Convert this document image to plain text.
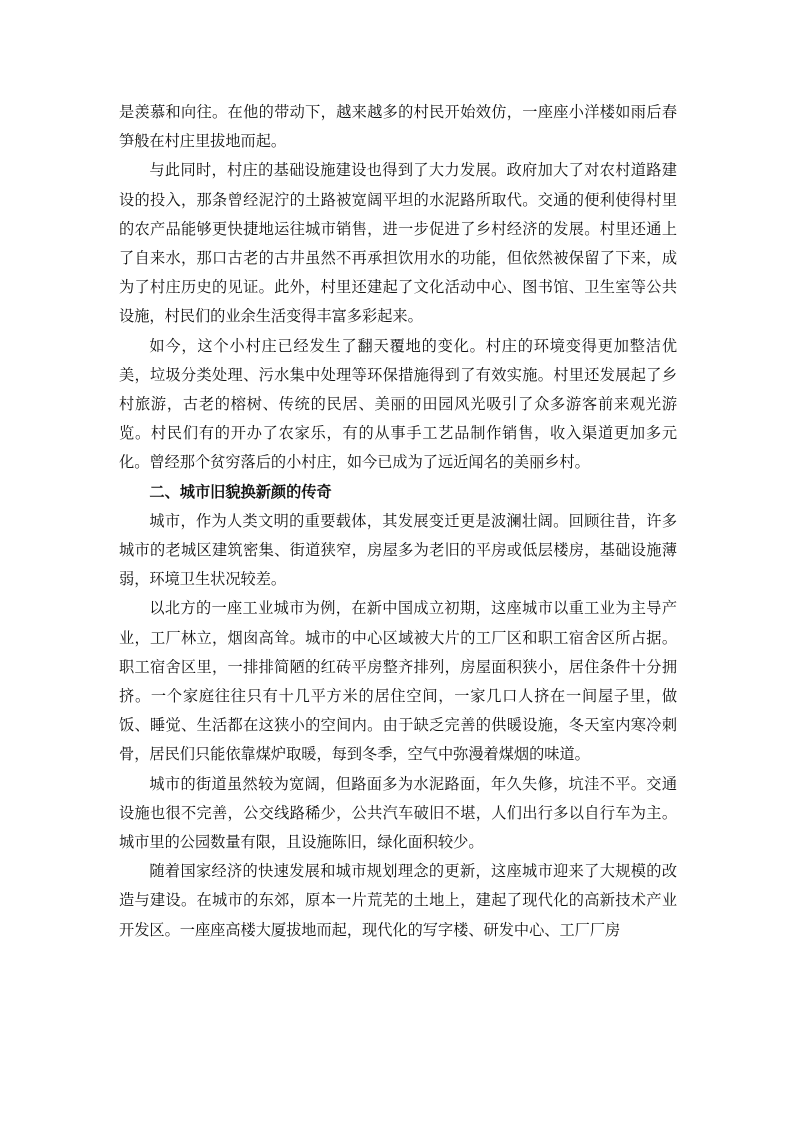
是羡慕和向往。在他的带动下，越来越多的村民开始效仿，一座座小洋楼如雨后春笋般在村庄里拔地而起。

与此同时，村庄的基础设施建设也得到了大力发展。政府加大了对农村道路建设的投入，那条曾经泥泞的土路被宽阔平坦的水泥路所取代。交通的便利使得村里的农产品能够更快捷地运往城市销售，进一步促进了乡村经济的发展。村里还通上了自来水，那口古老的古井虽然不再承担饮用水的功能，但依然被保留了下来，成为了村庄历史的见证。此外，村里还建起了文化活动中心、图书馆、卫生室等公共设施，村民们的业余生活变得丰富多彩起来。

如今，这个小村庄已经发生了翻天覆地的变化。村庄的环境变得更加整洁优美，垃圾分类处理、污水集中处理等环保措施得到了有效实施。村里还发展起了乡村旅游，古老的榕树、传统的民居、美丽的田园风光吸引了众多游客前来观光游览。村民们有的开办了农家乐，有的从事手工艺品制作销售，收入渠道更加多元化。曾经那个贫穷落后的小村庄，如今已成为了远近闻名的美丽乡村。

二、城市旧貌换新颜的传奇

城市，作为人类文明的重要载体，其发展变迁更是波澜壮阔。回顾往昔，许多城市的老城区建筑密集、街道狭窄，房屋多为老旧的平房或低层楼房，基础设施薄弱，环境卫生状况较差。

以北方的一座工业城市为例，在新中国成立初期，这座城市以重工业为主导产业，工厂林立，烟囱高耸。城市的中心区域被大片的工厂区和职工宿舍区所占据。职工宿舍区里，一排排简陋的红砖平房整齐排列，房屋面积狭小，居住条件十分拥挤。一个家庭往往只有十几平方米的居住空间，一家几口人挤在一间屋子里，做饭、睡觉、生活都在这狭小的空间内。由于缺乏完善的供暖设施，冬天室内寒冷刺骨，居民们只能依靠煤炉取暖，每到冬季，空气中弥漫着煤烟的味道。

城市的街道虽然较为宽阔，但路面多为水泥路面，年久失修，坑洼不平。交通设施也很不完善，公交线路稀少，公共汽车破旧不堪，人们出行多以自行车为主。城市里的公园数量有限，且设施陈旧，绿化面积较少。

随着国家经济的快速发展和城市规划理念的更新，这座城市迎来了大规模的改造与建设。在城市的东郊，原本一片荒芜的土地上，建起了现代化的高新技术产业开发区。一座座高楼大厦拔地而起，现代化的写字楼、研发中心、工厂厂房
